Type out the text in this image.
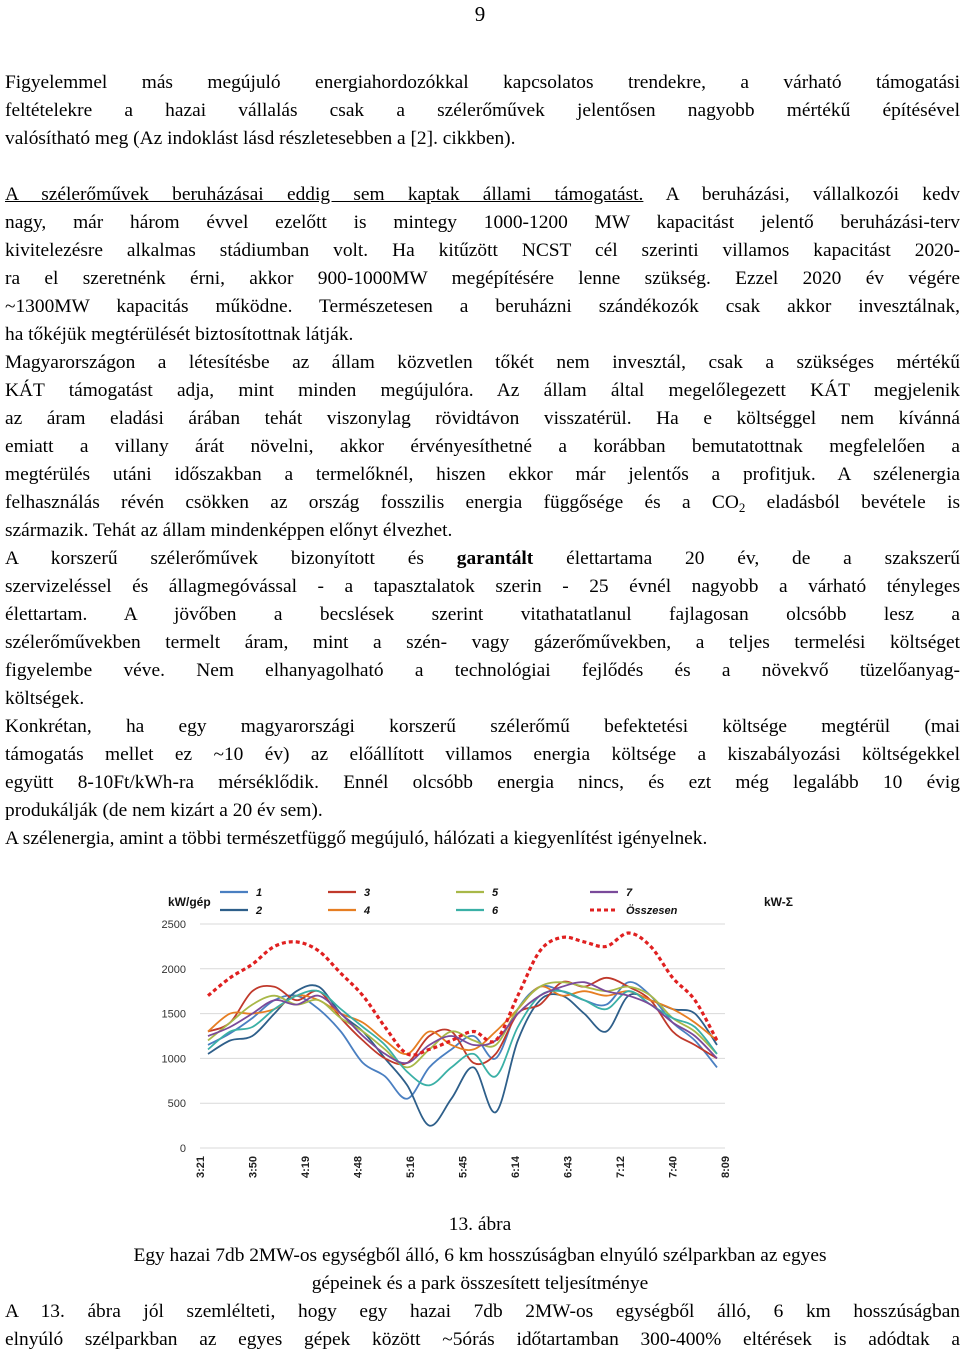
9
Figyelemmel más megújuló energiahordozókkal kapcsolatos trendekre, a várható támogatási
feltételekre a hazai vállalás csak a szélerőművek jelentősen nagyobb mértékű építésével
valósítható meg (Az indoklást lásd részletesebben a [2]. cikkben).
A szélerőművek beruházásai eddig sem kaptak állami támogatást. A beruházási, vállalkozói kedv
nagy, már három évvel ezelőtt is mintegy 1000-1200 MW kapacitást jelentő beruházási-terv
kivitelezésre alkalmas stádiumban volt. Ha kitűzött NCST cél szerinti villamos kapacitást 2020-
ra el szeretnénk érni, akkor 900-1000MW megépítésére lenne szükség. Ezzel 2020 év végére
~1300MW kapacitás működne. Természetesen a beruházni szándékozók csak akkor invesztálnak,
ha tőkéjük megtérülését biztosítottnak látják.
Magyarországon a létesítésbe az állam közvetlen tőkét nem invesztál, csak a szükséges mértékű
KÁT támogatást adja, mint minden megújulóra. Az állam által megelőlegezett KÁT megjelenik
az áram eladási árában tehát viszonylag rövidtávon visszatérül. Ha e költséggel nem kívánná
emiatt a villany árát növelni, akkor érvényesíthetné a korábban bemutatottnak megfelelően a
megtérülés utáni időszakban a termelőknél, hiszen ekkor már jelentős a profitjuk. A szélenergia
felhasználás révén csökken az ország fosszilis energia függősége és a $CO_2$ eladásból bevétele is
származik. Tehát az állam mindenképpen előnyt élvezhet.
A korszerű szélerőművek bizonyított és garantált élettartama 20 év, de a szakszerű
szervizeléssel és állagmegóvással - a tapasztalatok szerin - 25 évnél nagyobb a várható tényleges
élettartam. A jövőben a becslések szerint vitathatatlanul fajlagosan olcsóbb lesz a
szélerőművekben termelt áram, mint a szén- vagy gázerőművekben, a teljes termelési költséget
figyelembe véve. Nem elhanyagolható a technológiai fejlődés és a növekvő tüzelőanyag-
költségek.
Konkrétan, ha egy magyarországi korszerű szélerőmű befektetési költsége megtérül (mai
támogatás mellet ez ~10 év) az előállított villamos energia költsége a kiszabályozási költségekkel
együtt 8-10Ft/kWh-ra mérséklődik. Ennél olcsóbb energia nincs, és ezt még legalább 10 évig
produkálják (de nem kizárt a 20 év sem).
A szélenergia, amint a többi természetfüggő megújuló, hálózati a kiegyenlítést igényelnek.
A 13. ábra jól szemlélteti, hogy egy hazai 7db 2MW-os egységből álló, 6 km hosszúságban
elnyúló szélparkban az egyes gépek között ~5órás időtartamban 300-400% eltérések is adódtak a
0
500
1000
1500
2000
2500
3:21	3:50	4:19	4:48	5:16	5:45	6:14	6:43	7:12	7:40	8:09
kW/gép	kW-Σ
1
2
3
4
5
6
7
Összesen
13. ábra
Egy hazai 7db 2MW-os egységből álló, 6 km hosszúságban elnyúló szélparkban az egyes
gépeinek és a park összesített teljesítménye
